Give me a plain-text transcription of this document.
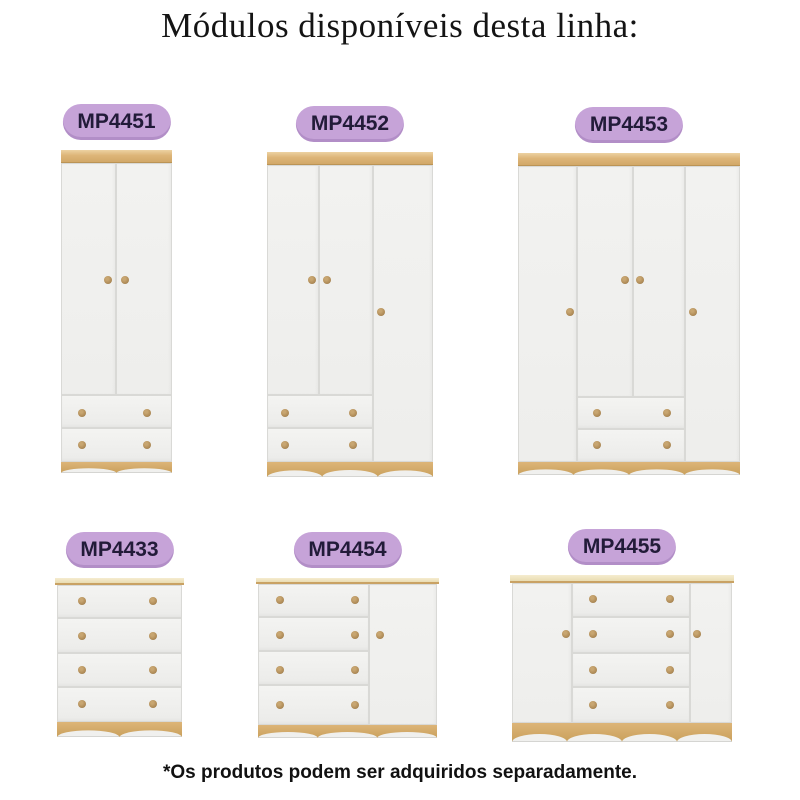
Módulos disponíveis desta linha:
MP4451	MP4452	MP4453
MP4433	MP4454	MP4455
*Os produtos podem ser adquiridos separadamente.
